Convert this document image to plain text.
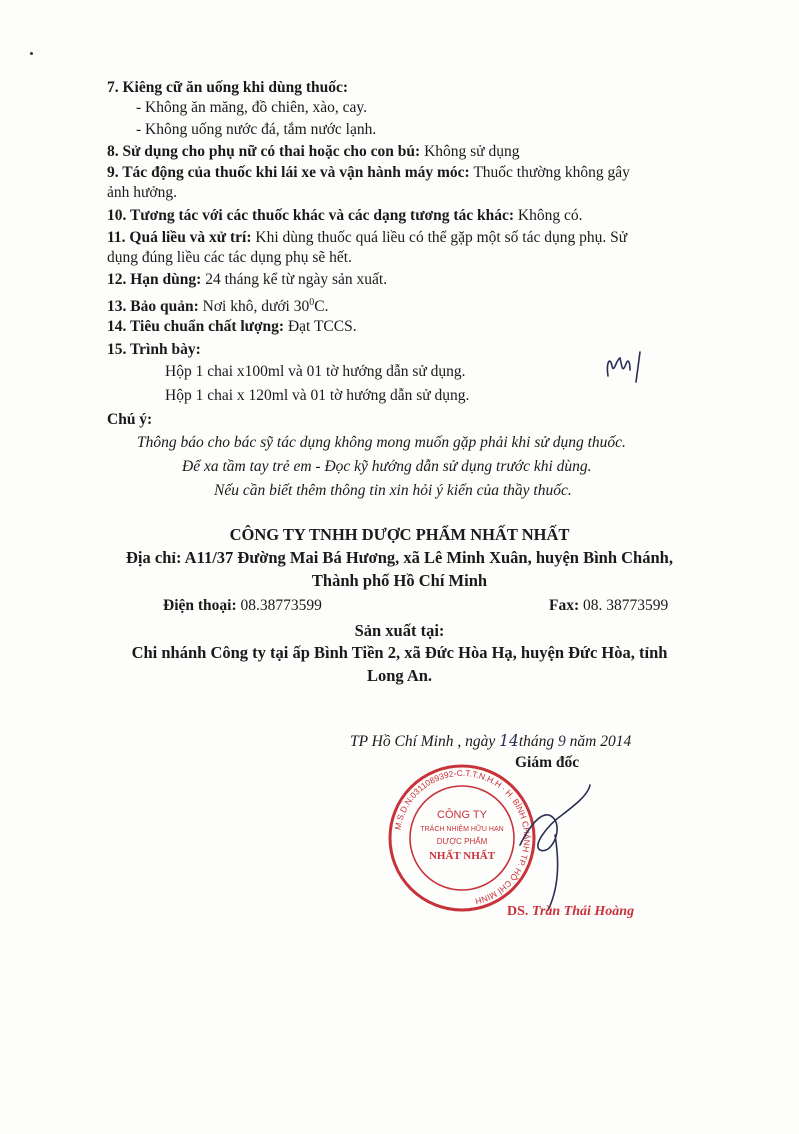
7. Kiêng cữ ăn uống khi dùng thuốc:
- Không ăn măng, đồ chiên, xào, cay.
- Không uống nước đá, tắm nước lạnh.
8. Sử dụng cho phụ nữ có thai hoặc cho con bú: Không sử dụng
9. Tác động của thuốc khi lái xe và vận hành máy móc: Thuốc thường không gây
ảnh hưởng.
10. Tương tác với các thuốc khác và các dạng tương tác khác: Không có.
11. Quá liều và xử trí: Khi dùng thuốc quá liều có thể gặp một số tác dụng phụ. Sử
dụng đúng liều các tác dụng phụ sẽ hết.
12. Hạn dùng: 24 tháng kể từ ngày sản xuất.
13. Bảo quản: Nơi khô, dưới $30^0C$.
14. Tiêu chuẩn chất lượng: Đạt TCCS.
15. Trình bày:
Hộp 1 chai x100ml và 01 tờ hướng dẫn sử dụng.
Hộp 1 chai x 120ml và 01 tờ hướng dẫn sử dụng.
Chú ý:
Thông báo cho bác sỹ tác dụng không mong muốn gặp phải khi sử dụng thuốc.
Để xa tầm tay trẻ em - Đọc kỹ hướng dẫn sử dụng trước khi dùng.
Nếu cần biết thêm thông tin xin hỏi ý kiến của thầy thuốc.
CÔNG TY TNHH DƯỢC PHẨM NHẤT NHẤT
Địa chỉ: A11/37 Đường Mai Bá Hương, xã Lê Minh Xuân, huyện Bình Chánh,
Thành phố Hồ Chí Minh
Điện thoại: 08.38773599	Fax: 08. 38773599
Sản xuất tại:
Chi nhánh Công ty tại ấp Bình Tiền 2, xã Đức Hòa Hạ, huyện Đức Hòa, tỉnh
Long An.
TP Hồ Chí Minh , ngày 14tháng 9 năm 2014
Giám đốc
CÔNG TY
TRÁCH NHIỆM HỮU HẠN
DƯỢC PHẨM
NHẤT NHẤT
M.S.D.N:0311089392-C.T.T.N.H.H · H. BÌNH CHÁNH TP. HỒ CHÍ MINH
DS. Trần Thái Hoàng
